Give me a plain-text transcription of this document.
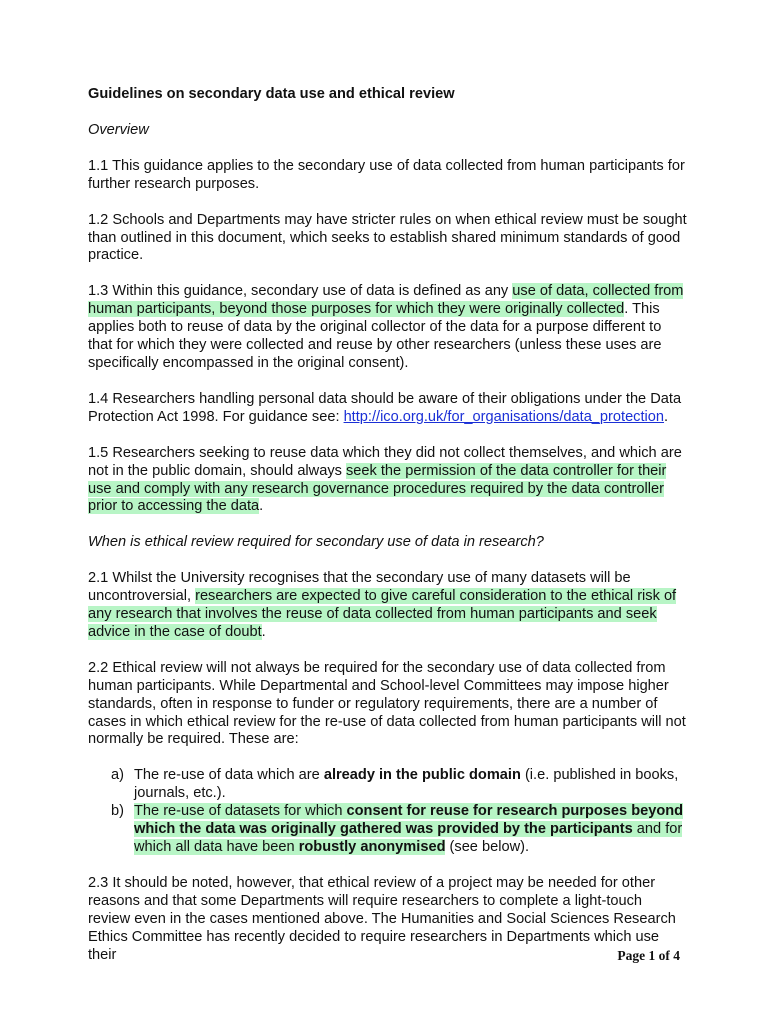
Guidelines on secondary data use and ethical review

Overview

1.1 This guidance applies to the secondary use of data collected from human participants for further research purposes.

1.2 Schools and Departments may have stricter rules on when ethical review must be sought than outlined in this document, which seeks to establish shared minimum standards of good practice.

1.3 Within this guidance, secondary use of data is defined as any use of data, collected from human participants, beyond those purposes for which they were originally collected. This applies both to reuse of data by the original collector of the data for a purpose different to that for which they were collected and reuse by other researchers (unless these uses are specifically encompassed in the original consent).

1.4 Researchers handling personal data should be aware of their obligations under the Data Protection Act 1998. For guidance see: http://ico.org.uk/for_organisations/data_protection.

1.5 Researchers seeking to reuse data which they did not collect themselves, and which are not in the public domain, should always seek the permission of the data controller for their use and comply with any research governance procedures required by the data controller prior to accessing the data.

When is ethical review required for secondary use of data in research?

2.1 Whilst the University recognises that the secondary use of many datasets will be uncontroversial, researchers are expected to give careful consideration to the ethical risk of any research that involves the reuse of data collected from human participants and seek advice in the case of doubt.

2.2 Ethical review will not always be required for the secondary use of data collected from human participants. While Departmental and School-level Committees may impose higher standards, often in response to funder or regulatory requirements, there are a number of cases in which ethical review for the re-use of data collected from human participants will not normally be required. These are:

a) The re-use of data which are already in the public domain (i.e. published in books, journals, etc.).
b) The re-use of datasets for which consent for reuse for research purposes beyond which the data was originally gathered was provided by the participants and for which all data have been robustly anonymised (see below).

2.3 It should be noted, however, that ethical review of a project may be needed for other reasons and that some Departments will require researchers to complete a light-touch review even in the cases mentioned above. The Humanities and Social Sciences Research Ethics Committee has recently decided to require researchers in Departments which use their	Page 1 of 4
